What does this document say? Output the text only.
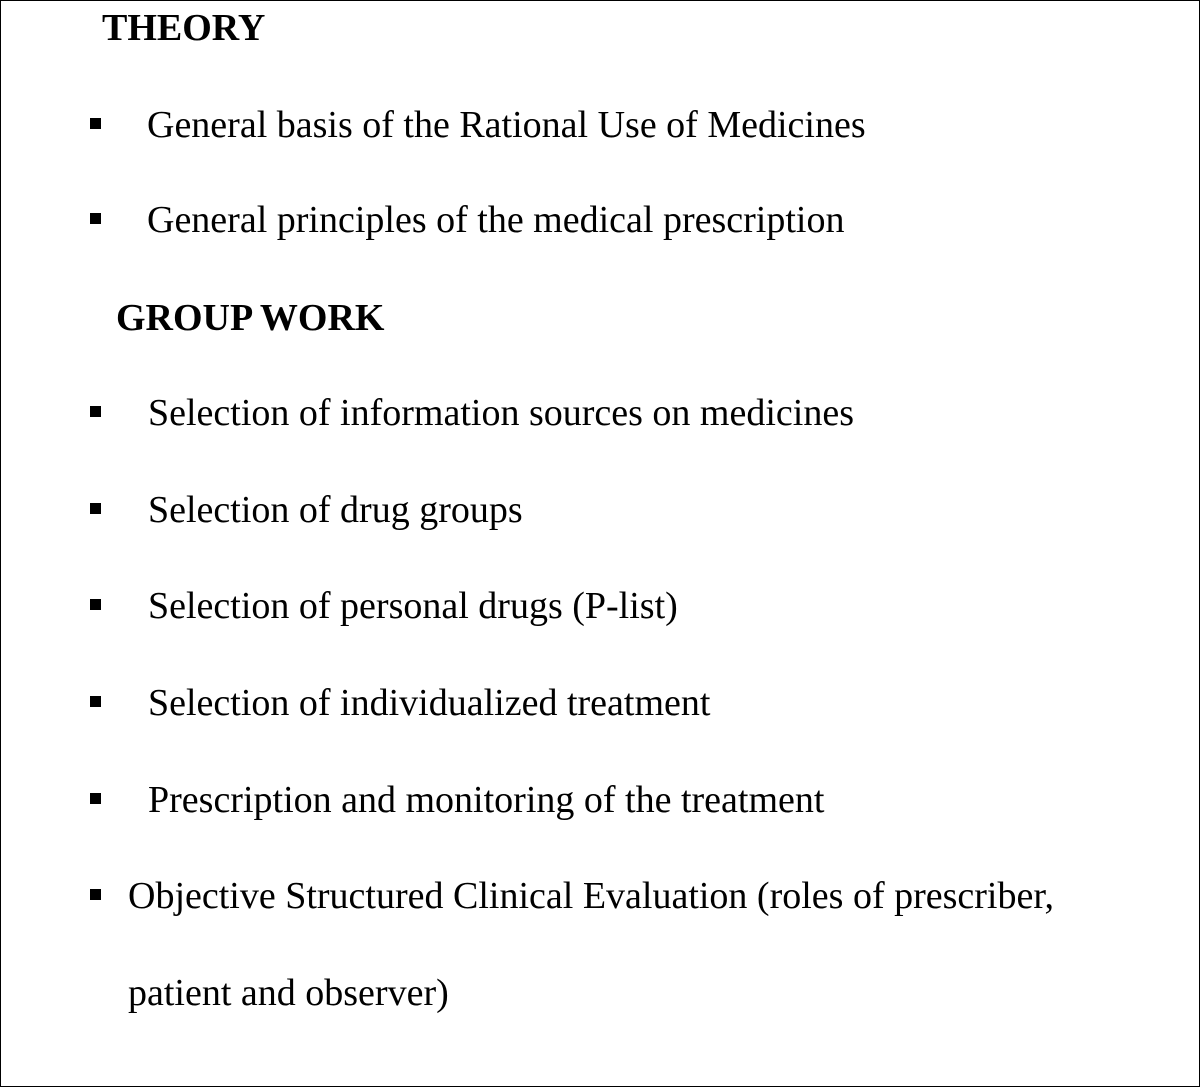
THEORY
General basis of the Rational Use of Medicines
General principles of the medical prescription
GROUP WORK
Selection of information sources on medicines
Selection of drug groups
Selection of personal drugs (P-list)
Selection of individualized treatment
Prescription and monitoring of the treatment
Objective Structured Clinical Evaluation (roles of prescriber,
patient and observer)
